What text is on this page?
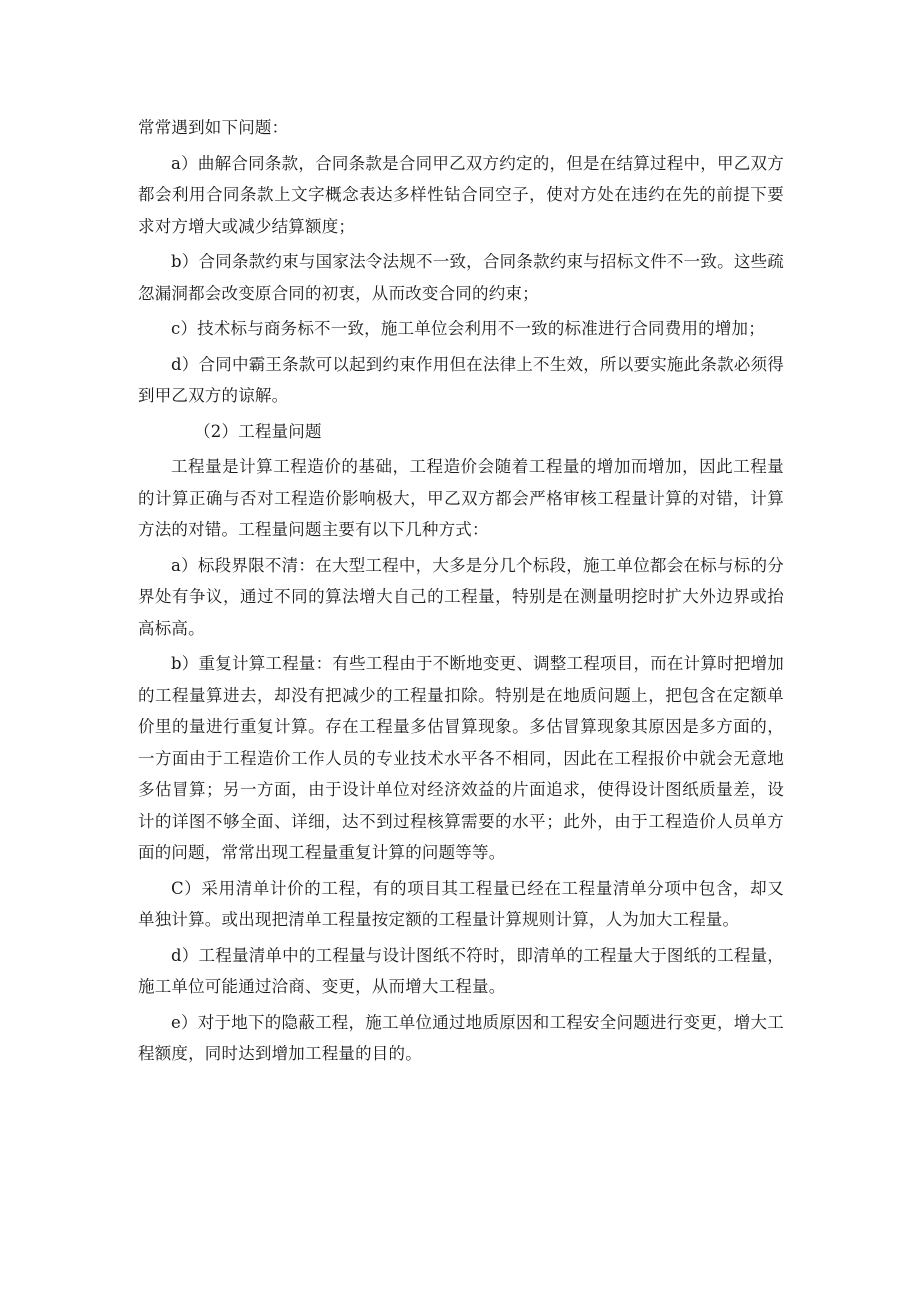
常常遇到如下问题：

a）曲解合同条款，合同条款是合同甲乙双方约定的，但是在结算过程中，甲乙双方都会利用合同条款上文字概念表达多样性钻合同空子，使对方处在违约在先的前提下要求对方增大或减少结算额度；

b）合同条款约束与国家法令法规不一致，合同条款约束与招标文件不一致。这些疏忽漏洞都会改变原合同的初衷，从而改变合同的约束；

c）技术标与商务标不一致，施工单位会利用不一致的标准进行合同费用的增加；

d）合同中霸王条款可以起到约束作用但在法律上不生效，所以要实施此条款必须得到甲乙双方的谅解。

（2）工程量问题

工程量是计算工程造价的基础，工程造价会随着工程量的增加而增加，因此工程量的计算正确与否对工程造价影响极大，甲乙双方都会严格审核工程量计算的对错，计算方法的对错。工程量问题主要有以下几种方式：

a）标段界限不清：在大型工程中，大多是分几个标段，施工单位都会在标与标的分界处有争议，通过不同的算法增大自己的工程量，特别是在测量明挖时扩大外边界或抬高标高。

b）重复计算工程量：有些工程由于不断地变更、调整工程项目，而在计算时把增加的工程量算进去，却没有把减少的工程量扣除。特别是在地质问题上，把包含在定额单价里的量进行重复计算。存在工程量多估冒算现象。多估冒算现象其原因是多方面的，一方面由于工程造价工作人员的专业技术水平各不相同，因此在工程报价中就会无意地多估冒算；另一方面，由于设计单位对经济效益的片面追求，使得设计图纸质量差，设计的详图不够全面、详细，达不到过程核算需要的水平；此外，由于工程造价人员单方面的问题，常常出现工程量重复计算的问题等等。

C）采用清单计价的工程，有的项目其工程量已经在工程量清单分项中包含，却又单独计算。或出现把清单工程量按定额的工程量计算规则计算，人为加大工程量。

d）工程量清单中的工程量与设计图纸不符时，即清单的工程量大于图纸的工程量，施工单位可能通过洽商、变更，从而增大工程量。

e）对于地下的隐蔽工程，施工单位通过地质原因和工程安全问题进行变更，增大工程额度，同时达到增加工程量的目的。
